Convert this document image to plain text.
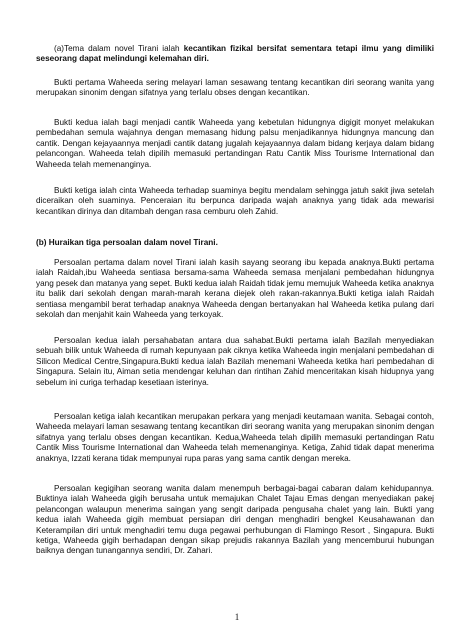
(a)Tema dalam novel Tirani ialah kecantikan fizikal bersifat sementara tetapi ilmu yang dimiliki seseorang dapat melindungi kelemahan diri.

Bukti pertama Waheeda sering melayari laman sesawang tentang kecantikan diri seorang wanita yang merupakan sinonim dengan sifatnya yang terlalu obses dengan kecantikan.

Bukti kedua ialah bagi menjadi cantik Waheeda yang kebetulan hidungnya digigit monyet melakukan pembedahan semula wajahnya dengan memasang hidung palsu menjadikannya hidungnya mancung dan cantik. Dengan kejayaannya menjadi cantik datang jugalah kejayaannya dalam bidang kerjaya dalam bidang pelancongan. Waheeda telah dipilih memasuki pertandingan Ratu Cantik Miss Tourisme International dan Waheeda telah memenanginya.

Bukti ketiga ialah cinta Waheeda terhadap suaminya begitu mendalam sehingga jatuh sakit jiwa setelah diceraikan oleh suaminya. Penceraian itu berpunca daripada wajah anaknya yang tidak ada mewarisi kecantikan dirinya dan ditambah dengan rasa cemburu oleh Zahid.

(b) Huraikan tiga persoalan dalam novel Tirani.

Persoalan pertama dalam novel Tirani ialah kasih sayang seorang ibu kepada anaknya.Bukti pertama ialah Raidah,ibu Waheeda sentiasa bersama-sama Waheeda semasa menjalani pembedahan hidungnya yang pesek dan matanya yang sepet. Bukti kedua ialah Raidah tidak jemu memujuk Waheeda ketika anaknya itu balik dari sekolah dengan marah-marah kerana diejek oleh rakan-rakannya.Bukti ketiga ialah Raidah sentiasa mengambil berat terhadap anaknya Waheeda dengan bertanyakan hal Waheeda ketika pulang dari sekolah dan menjahit kain Waheeda yang terkoyak.

Persoalan kedua ialah persahabatan antara dua sahabat.Bukti pertama ialah Bazilah menyediakan sebuah bilik untuk Waheeda di rumah kepunyaan pak ciknya ketika Waheeda ingin menjalani pembedahan di Silicon Medical Centre,Singapura.Bukti kedua ialah Bazilah menemani Waheeda ketika hari pembedahan di Singapura. Selain itu, Aiman setia mendengar keluhan dan rintihan Zahid menceritakan kisah hidupnya yang sebelum ini curiga terhadap kesetiaan isterinya.

Persoalan ketiga ialah kecantikan merupakan perkara yang menjadi keutamaan wanita. Sebagai contoh, Waheeda melayari laman sesawang tentang kecantikan diri seorang wanita yang merupakan sinonim dengan sifatnya yang terlalu obses dengan kecantikan. Kedua,Waheeda telah dipilih memasuki pertandingan Ratu Cantik Miss Tourisme International dan Waheeda telah memenanginya. Ketiga, Zahid tidak dapat menerima anaknya, Izzati kerana tidak mempunyai rupa paras yang sama cantik dengan mereka.

Persoalan kegigihan seorang wanita dalam menempuh berbagai-bagai cabaran dalam kehidupannya. Buktinya ialah Waheeda gigih berusaha untuk memajukan Chalet Tajau Emas dengan menyediakan pakej pelancongan walaupun menerima saingan yang sengit daripada pengusaha chalet yang lain. Bukti yang kedua ialah Waheeda gigih membuat persiapan diri dengan menghadiri bengkel Keusahawanan dan Keterampilan diri untuk menghadiri temu duga pegawai perhubungan di Flamingo Resort , Singapura. Bukti ketiga, Waheeda gigih berhadapan dengan sikap prejudis rakannya Bazilah yang mencemburui hubungan baiknya dengan tunangannya sendiri, Dr. Zahari.

1
